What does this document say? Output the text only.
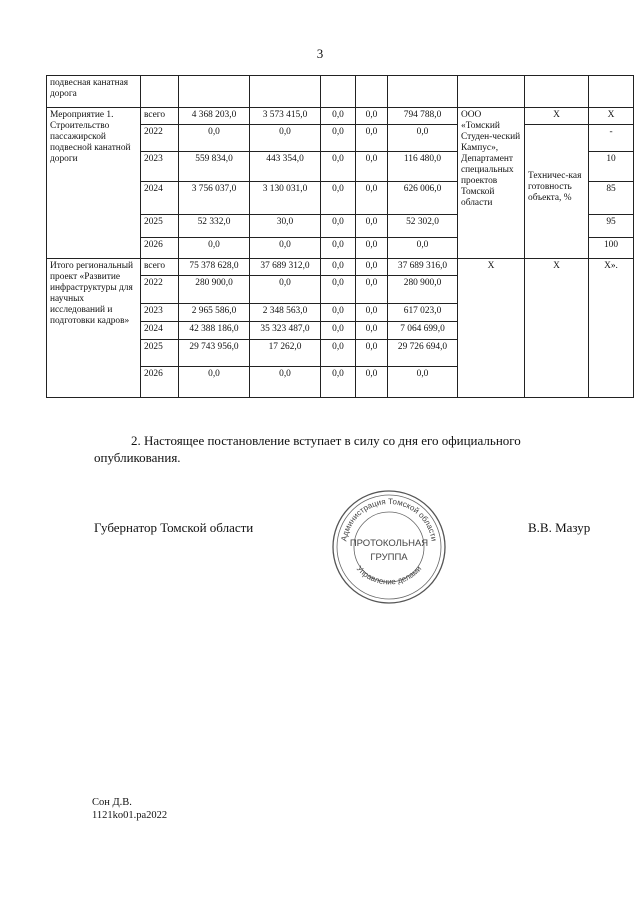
3
подвесная канатная дорога									
Мероприятие 1. Строительство пассажирской подвесной канатной дороги	всего	4 368 203,0	3 573 415,0	0,0	0,0	794 788,0	ООО «Томский Студен-ческий Кампус», Департамент специальных проектов Томской области	X	X
	2022	0,0	0,0	0,0	0,0	0,0		Техничес-кая готовность объекта, %	-
	2023	559 834,0	443 354,0	0,0	0,0	116 480,0			10
	2024	3 756 037,0	3 130 031,0	0,0	0,0	626 006,0			85
	2025	52 332,0	30,0	0,0	0,0	52 302,0			95
	2026	0,0	0,0	0,0	0,0	0,0			100
Итого региональный проект «Развитие инфраструктуры для научных исследований и подготовки кадров»	всего	75 378 628,0	37 689 312,0	0,0	0,0	37 689 316,0	X	X	X».
	2022	280 900,0	0,0	0,0	0,0	280 900,0			
	2023	2 965 586,0	2 348 563,0	0,0	0,0	617 023,0			
	2024	42 388 186,0	35 323 487,0	0,0	0,0	7 064 699,0			
	2025	29 743 956,0	17 262,0	0,0	0,0	29 726 694,0			
	2026	0,0	0,0	0,0	0,0	0,0			
2. Настоящее постановление вступает в силу со дня его официального
опубликования.
Губернатор Томской области	В.В. Мазур
Администрация Томской области
Управление делами
ПРОТОКОЛЬНАЯ
ГРУППА
Сон Д.В.
1121ko01.pa2022
